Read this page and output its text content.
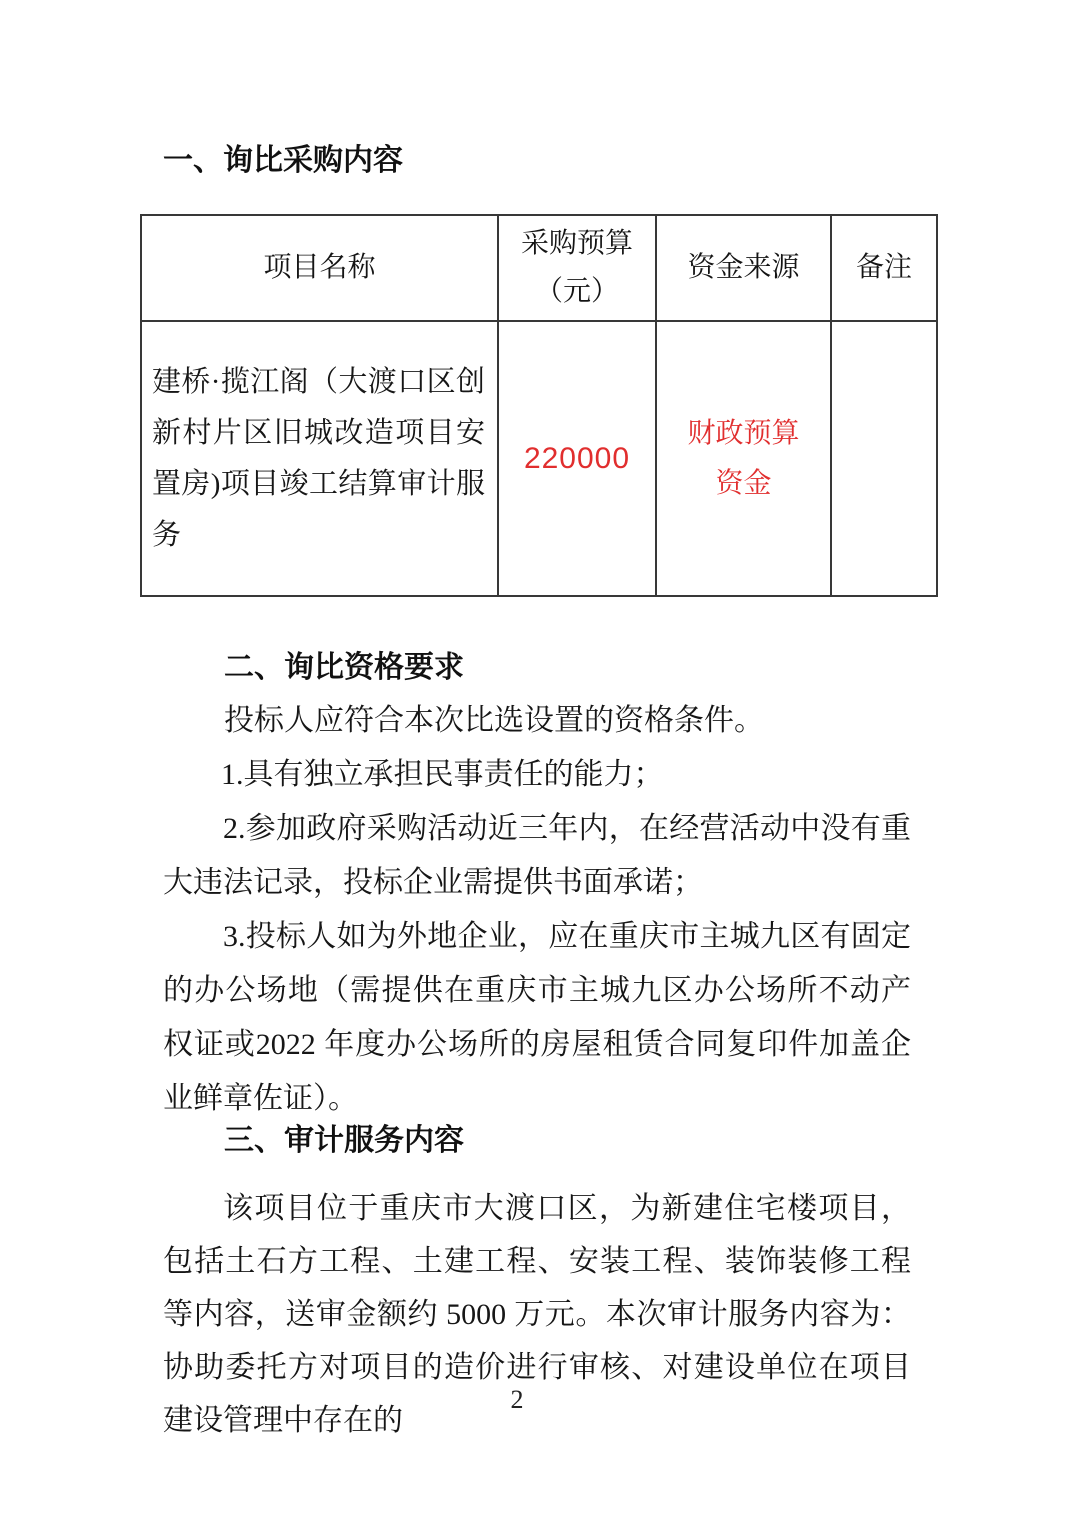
一、询比采购内容
项目名称	采购预算（元）	资金来源	备注
建桥·揽江阁（大渡口区创新村片区旧城改造项目安置房)项目竣工结算审计服务	220000	财政预算资金	
二、询比资格要求
投标人应符合本次比选设置的资格条件。
1.具有独立承担民事责任的能力；
2.参加政府采购活动近三年内，在经营活动中没有重大违法记录，投标企业需提供书面承诺；
3.投标人如为外地企业，应在重庆市主城九区有固定的办公场地（需提供在重庆市主城九区办公场所不动产权证或2022 年度办公场所的房屋租赁合同复印件加盖企业鲜章佐证）。
三、审计服务内容
该项目位于重庆市大渡口区，为新建住宅楼项目，包括土石方工程、土建工程、安装工程、装饰装修工程等内容，送审金额约 5000 万元。本次审计服务内容为：协助委托方对项目的造价进行审核、对建设单位在项目建设管理中存在的
2
